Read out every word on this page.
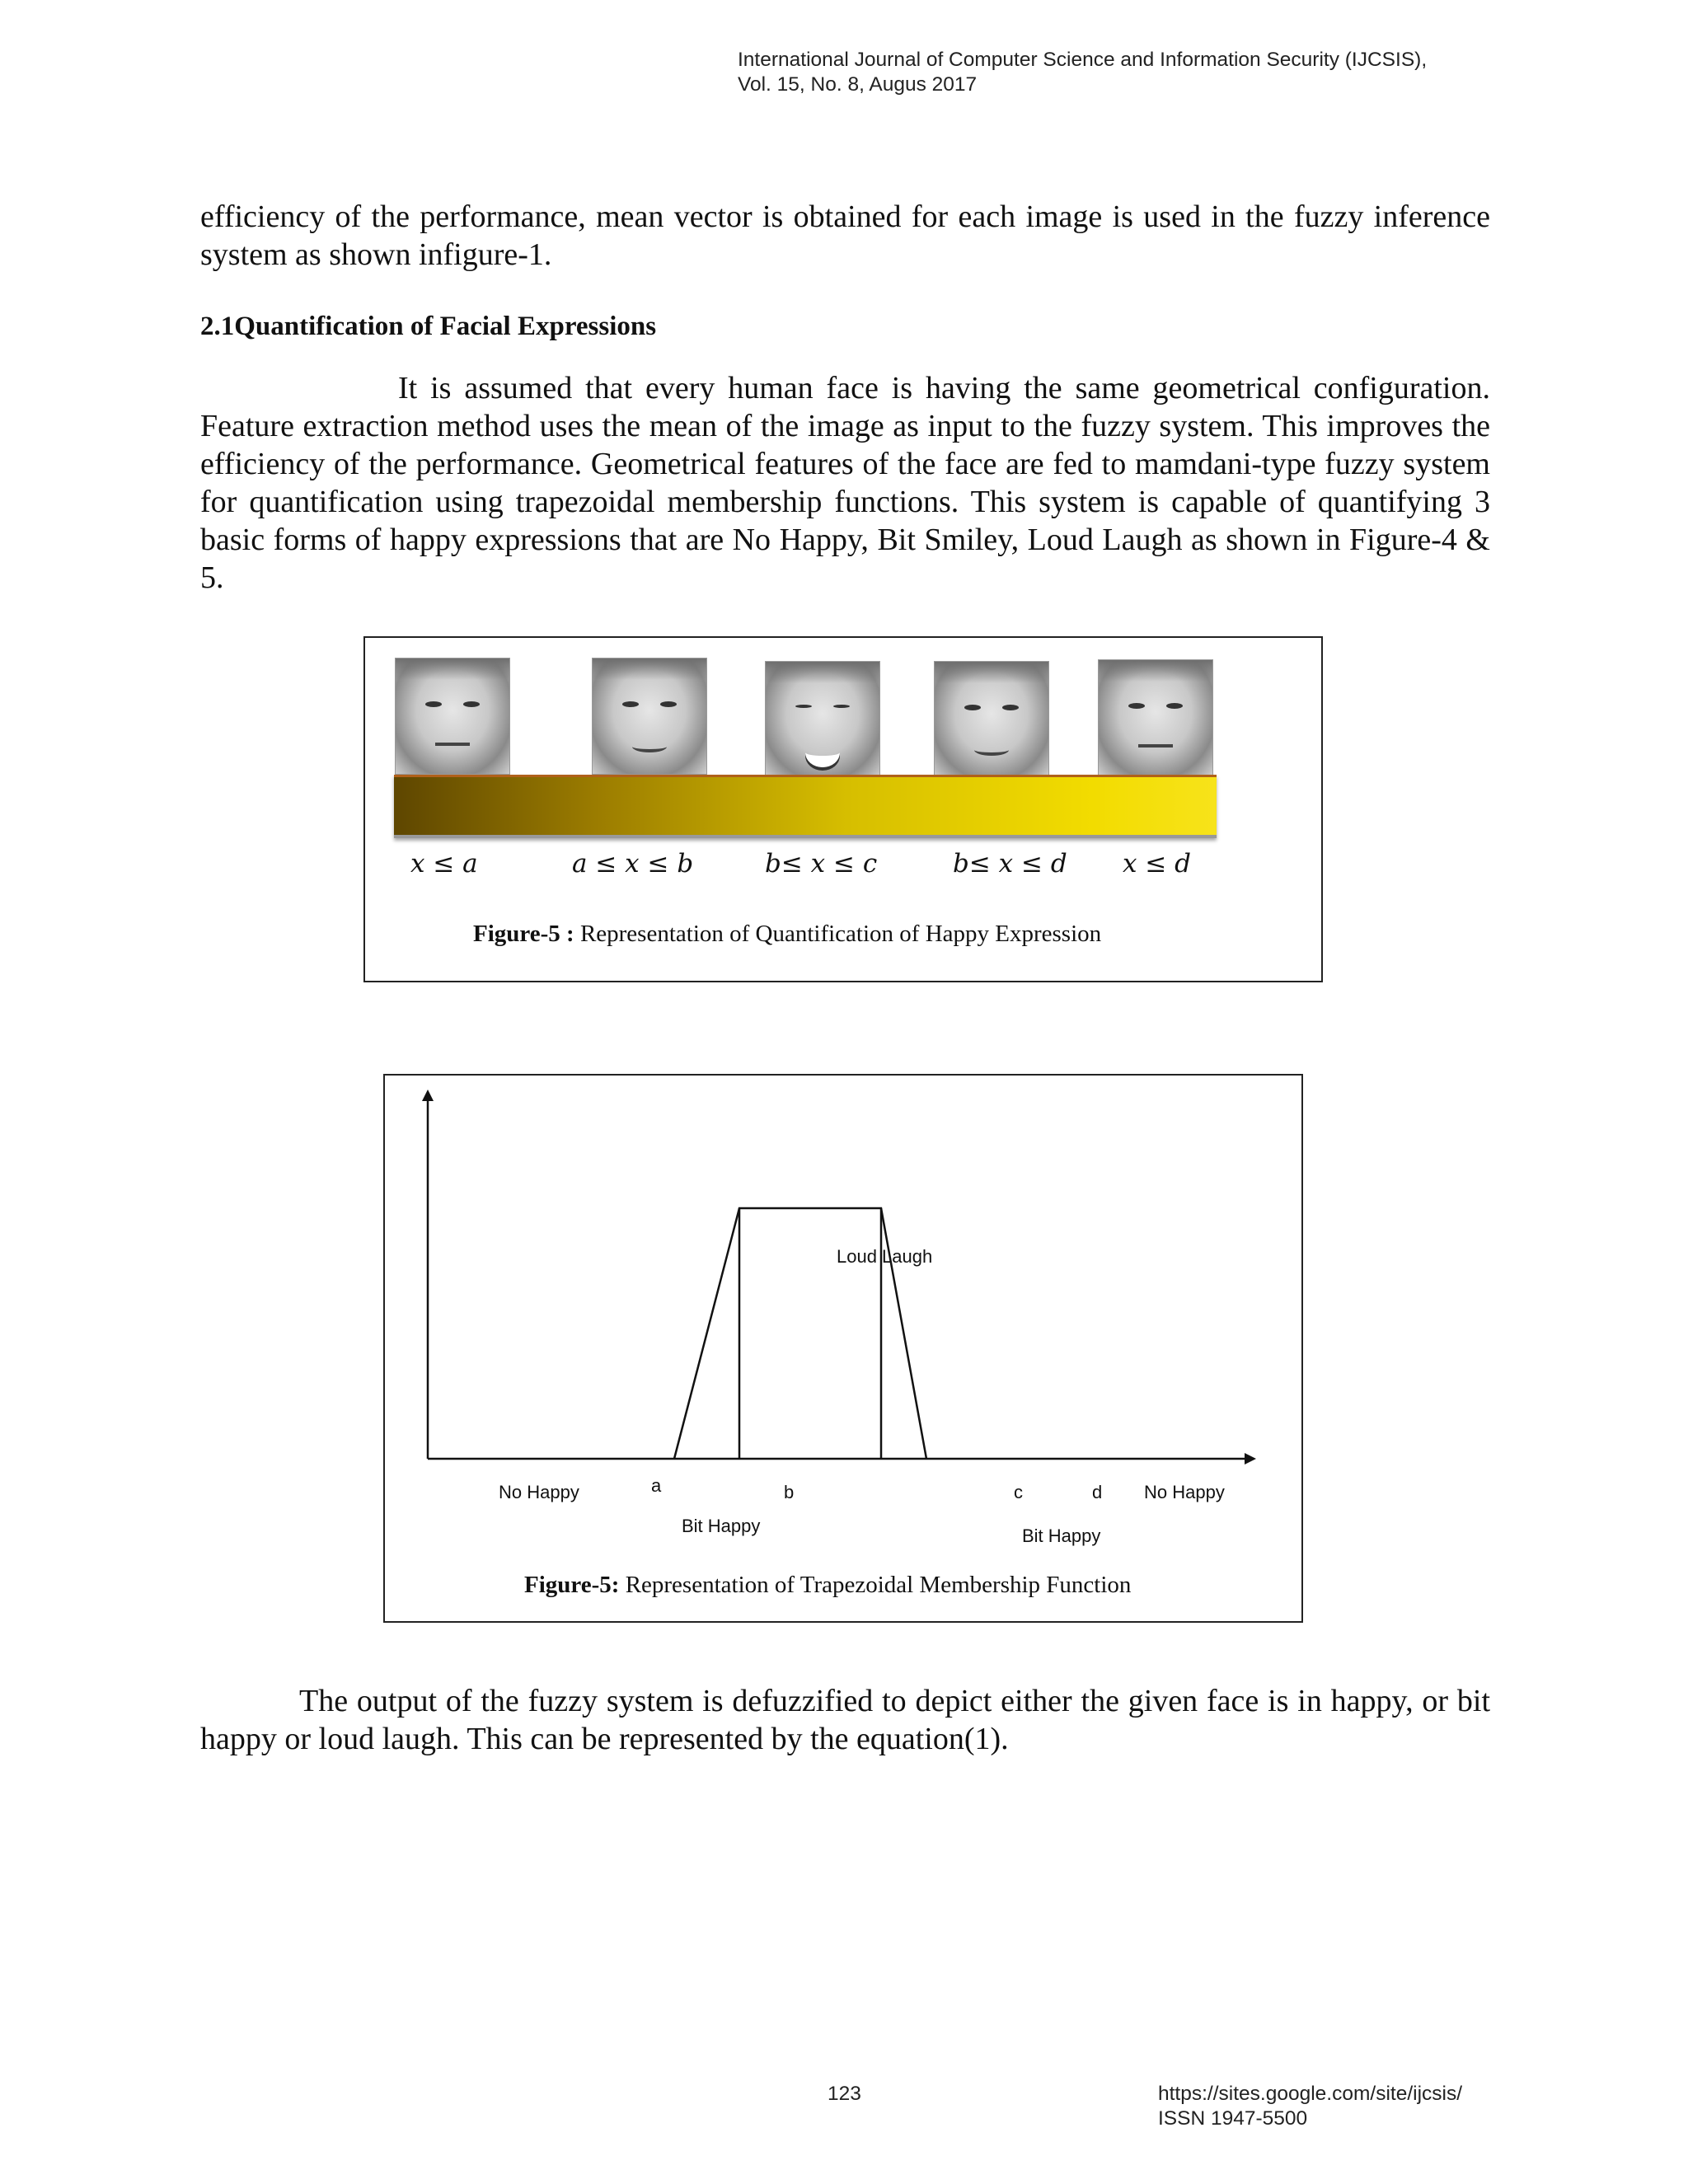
International Journal of Computer Science and Information Security (IJCSIS),
Vol. 15, No. 8, Augus 2017
efficiency of the performance, mean vector is obtained for each image is used in the fuzzy inference system as shown infigure-1.
2.1Quantification of Facial Expressions
It is assumed that every human face is having the same geometrical configuration. Feature extraction method uses the mean of the image as input to the fuzzy system. This improves the efficiency of the performance. Geometrical features of the face are fed to mamdani-type fuzzy system for quantification using trapezoidal membership functions. This system is capable of quantifying 3 basic forms of happy expressions that are No Happy, Bit Smiley, Loud Laugh as shown in Figure-4 & 5.
x ≤ a	a ≤ x ≤ b	b≤ x ≤ c	b≤ x ≤ d x ≤ d
Figure-5 : Representation of Quantification of Happy Expression
Loud Laugh
No Happy	a	b	c	d No Happy
Bit Happy	Bit Happy
Figure-5: Representation of Trapezoidal Membership Function
The output of the fuzzy system is defuzzified to depict either the given face is in happy, or bit happy or loud laugh. This can be represented by the equation(1).
123	https://sites.google.com/site/ijcsis/
ISSN 1947-5500
